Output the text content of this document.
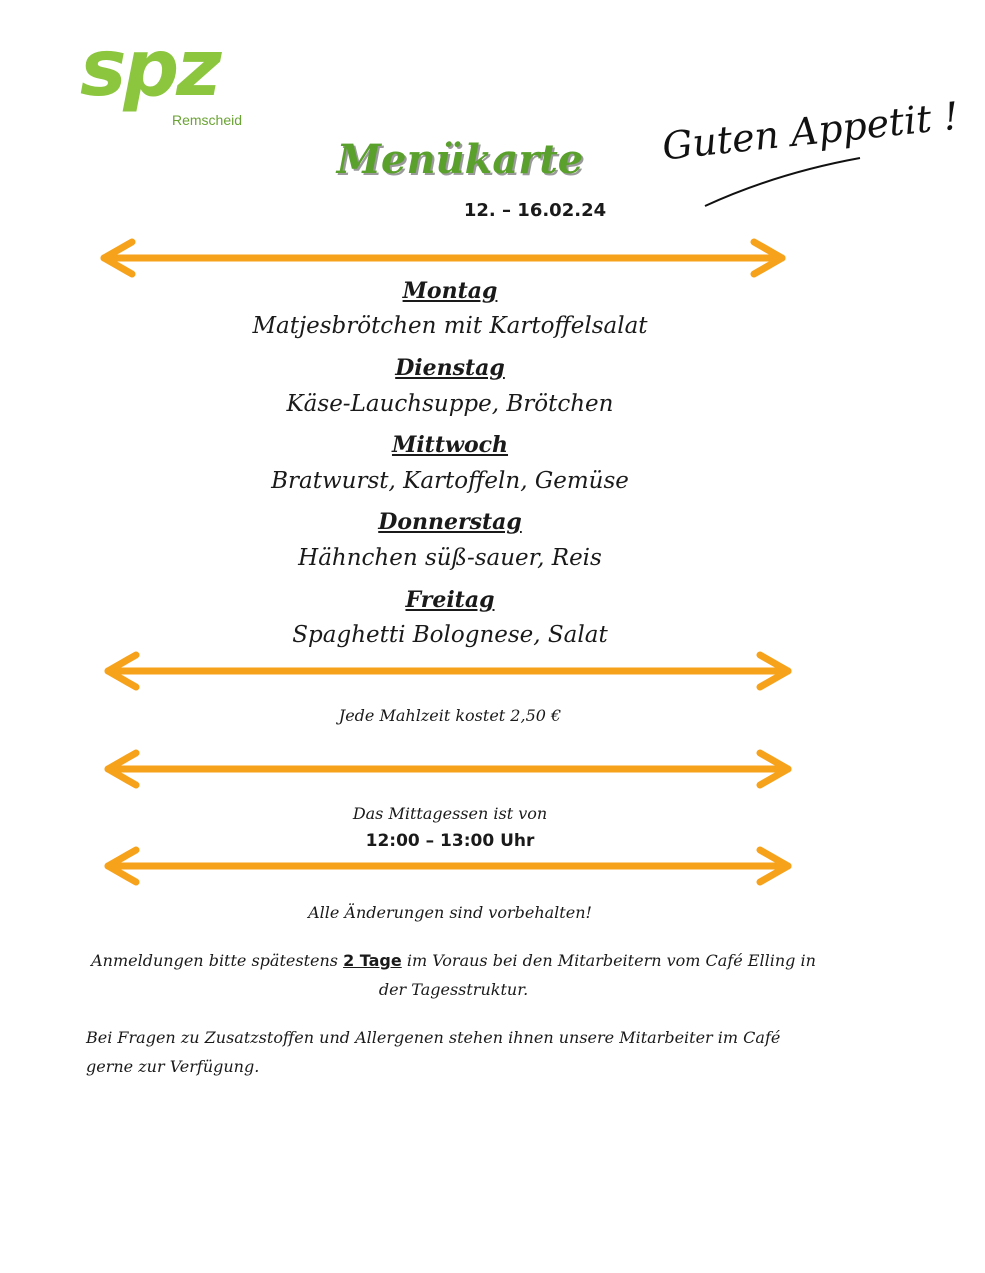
spz
Remscheid
Menükarte	Guten Appetit !
12. – 16.02.24
Montag
Matjesbrötchen mit Kartoffelsalat
Dienstag
Käse-Lauchsuppe, Brötchen
Mittwoch
Bratwurst, Kartoffeln, Gemüse
Donnerstag
Hähnchen süß-sauer, Reis
Freitag
Spaghetti Bolognese, Salat
Jede Mahlzeit kostet 2,50 €
Das Mittagessen ist von
12:00 – 13:00 Uhr
Alle Änderungen sind vorbehalten!
Anmeldungen bitte spätestens 2 Tage im Voraus bei den Mitarbeitern vom Café Elling in der Tagesstruktur.
Bei Fragen zu Zusatzstoffen und Allergenen stehen ihnen unsere Mitarbeiter im Café gerne zur Verfügung.
